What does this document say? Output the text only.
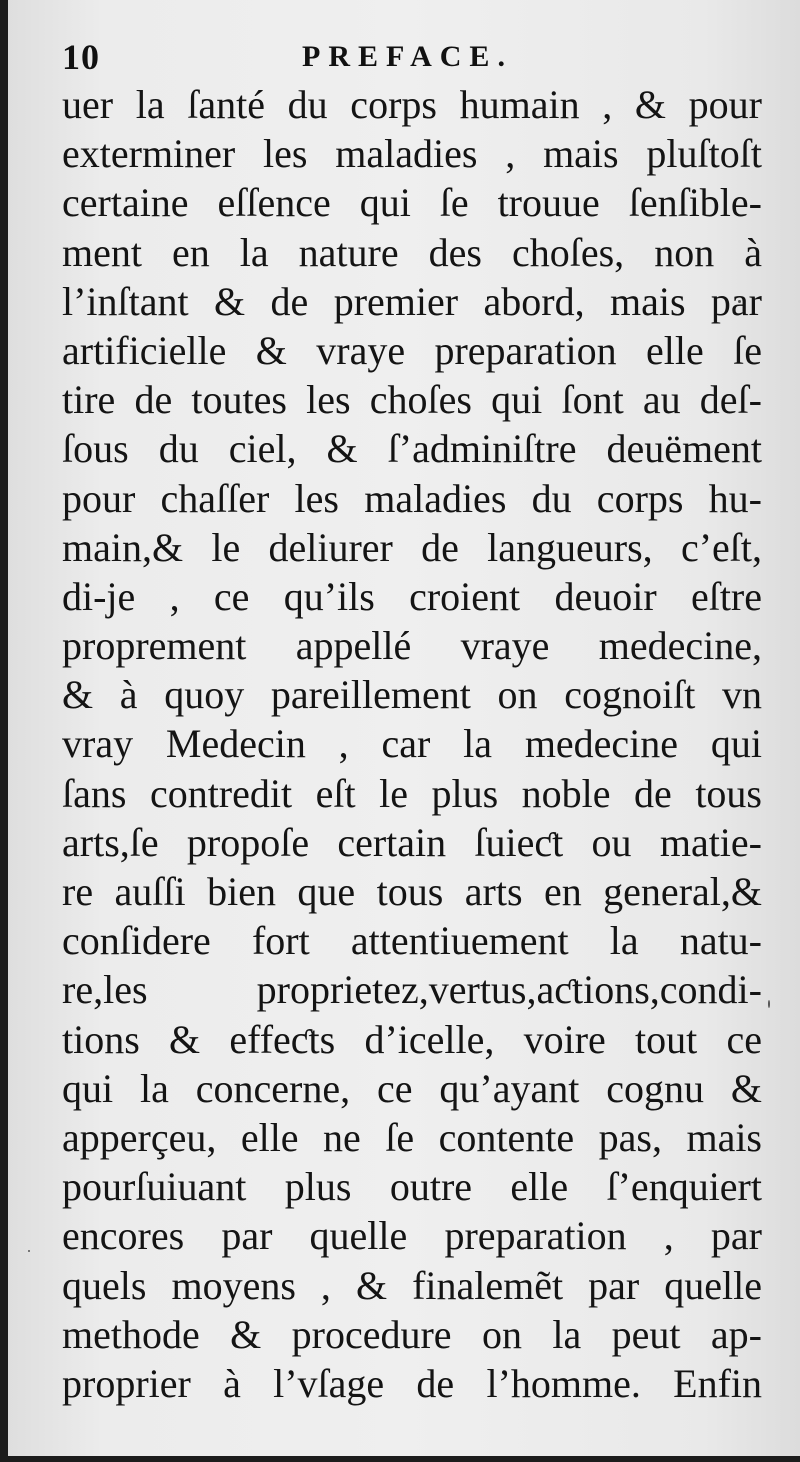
10	PREFACE.
uer la ſanté du corps humain , & pour
exterminer les maladies , mais pluſtoſt
certaine eſſence qui ſe trouue ſenſible-
ment en la nature des choſes, non à
l’inſtant & de premier abord, mais par
artificielle & vraye preparation elle ſe
tire de toutes les choſes qui ſont au deſ-
ſous du ciel, & ſ’adminiſtre deuëment
pour chaſſer les maladies du corps hu-
main,& le deliurer de langueurs, c’eſt,
di-je , ce qu’ils croient deuoir eſtre
proprement appellé vraye medecine,
& à quoy pareillement on cognoiſt vn
vray Medecin , car la medecine qui
ſans contredit eſt le plus noble de tous
arts,ſe propoſe certain ſuieƈt ou matie-
re auſſi bien que tous arts en general,&
conſidere fort attentiuement la natu-
re,les proprietez,vertus,aƈtions,condi-
tions & effeƈts d’icelle, voire tout ce
qui la concerne, ce qu’ayant cognu &
apperçeu, elle ne ſe contente pas, mais
pourſuiuant plus outre elle ſ’enquiert
encores par quelle preparation , par
quels moyens , & finalemẽt par quelle
methode & procedure on la peut ap-
proprier à l’vſage de l’homme. Enfin
